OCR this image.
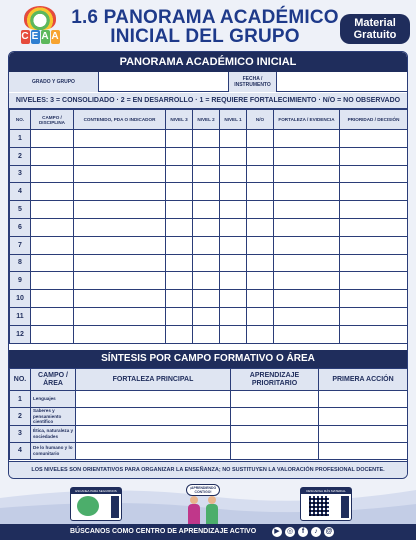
C E A A
1.6 PANORAMA ACADÉMICO
INICIAL DEL GRUPO
Material
Gratuito
PANORAMA ACADÉMICO INICIAL
GRADO Y GRUPO	FECHA /
INSTRUMENTO
NIVELES: 3 = CONSOLIDADO · 2 = EN DESARROLLO · 1 = REQUIERE FORTALECIMIENTO · N/O = NO OBSERVADO
NO.	CAMPO /
DISCIPLINA	CONTENIDO, PDA O INDICADOR	NIVEL 3	NIVEL 2	NIVEL 1	N/O	FORTALEZA / EVIDENCIA	PRIORIDAD / DECISIÓN
1								
2								
3								
4								
5								
6								
7								
8								
9								
10								
11								
12								
SÍNTESIS POR CAMPO FORMATIVO O ÁREA
NO.	CAMPO /
ÁREA	FORTALEZA PRINCIPAL	APRENDIZAJE
PRIORITARIO	PRIMERA ACCIÓN
1	Lenguajes			
2	Saberes y pensamiento científico			
3	Ética, naturaleza y sociedades			
4	De lo humano y lo comunitario			
LOS NIVELES SON ORIENTATIVOS PARA ORGANIZAR LA ENSEÑANZA; NO SUSTITUYEN LA VALORACIÓN PROFESIONAL DOCENTE.
ESCANEA PARA SEGUIRNOS
¡APRENDIENDO CONTIGO!	DESCARGA MÁS MATERIAL
BÚSCANOS COMO CENTRO DE APRENDIZAJE ACTIVO	▶	◎	f	♪	@
